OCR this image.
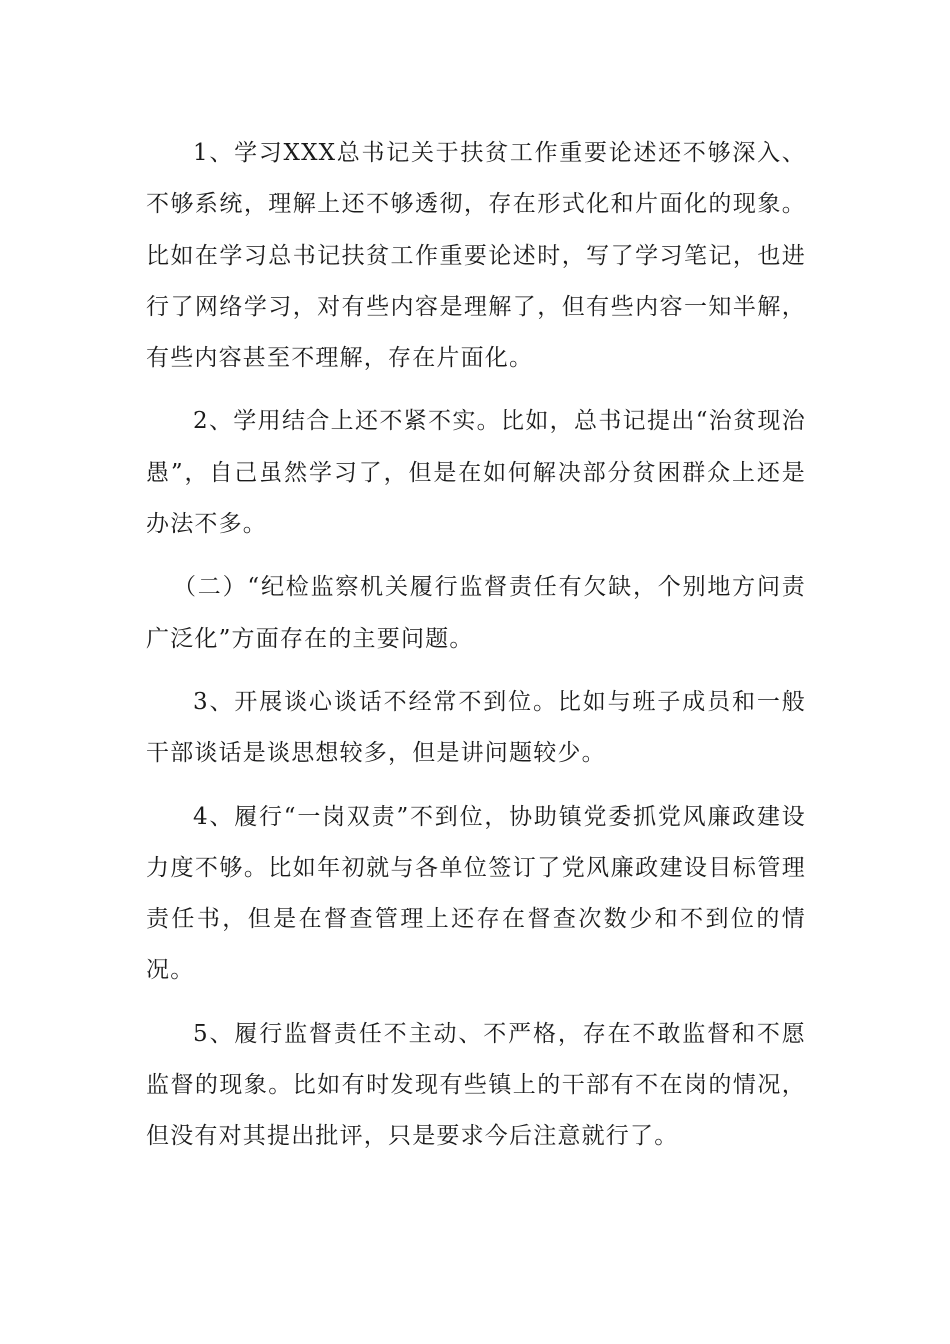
1、学习XXX总书记关于扶贫工作重要论述还不够深入、不够系统，理解上还不够透彻，存在形式化和片面化的现象。比如在学习总书记扶贫工作重要论述时，写了学习笔记，也进行了网络学习，对有些内容是理解了，但有些内容一知半解，有些内容甚至不理解，存在片面化。

2、学用结合上还不紧不实。比如，总书记提出“治贫现治愚”，自己虽然学习了，但是在如何解决部分贫困群众上还是办法不多。

（二）“纪检监察机关履行监督责任有欠缺，个别地方问责广泛化”方面存在的主要问题。

3、开展谈心谈话不经常不到位。比如与班子成员和一般干部谈话是谈思想较多，但是讲问题较少。

4、履行“一岗双责”不到位，协助镇党委抓党风廉政建设力度不够。比如年初就与各单位签订了党风廉政建设目标管理责任书，但是在督查管理上还存在督查次数少和不到位的情况。

5、履行监督责任不主动、不严格，存在不敢监督和不愿监督的现象。比如有时发现有些镇上的干部有不在岗的情况，但没有对其提出批评，只是要求今后注意就行了。
